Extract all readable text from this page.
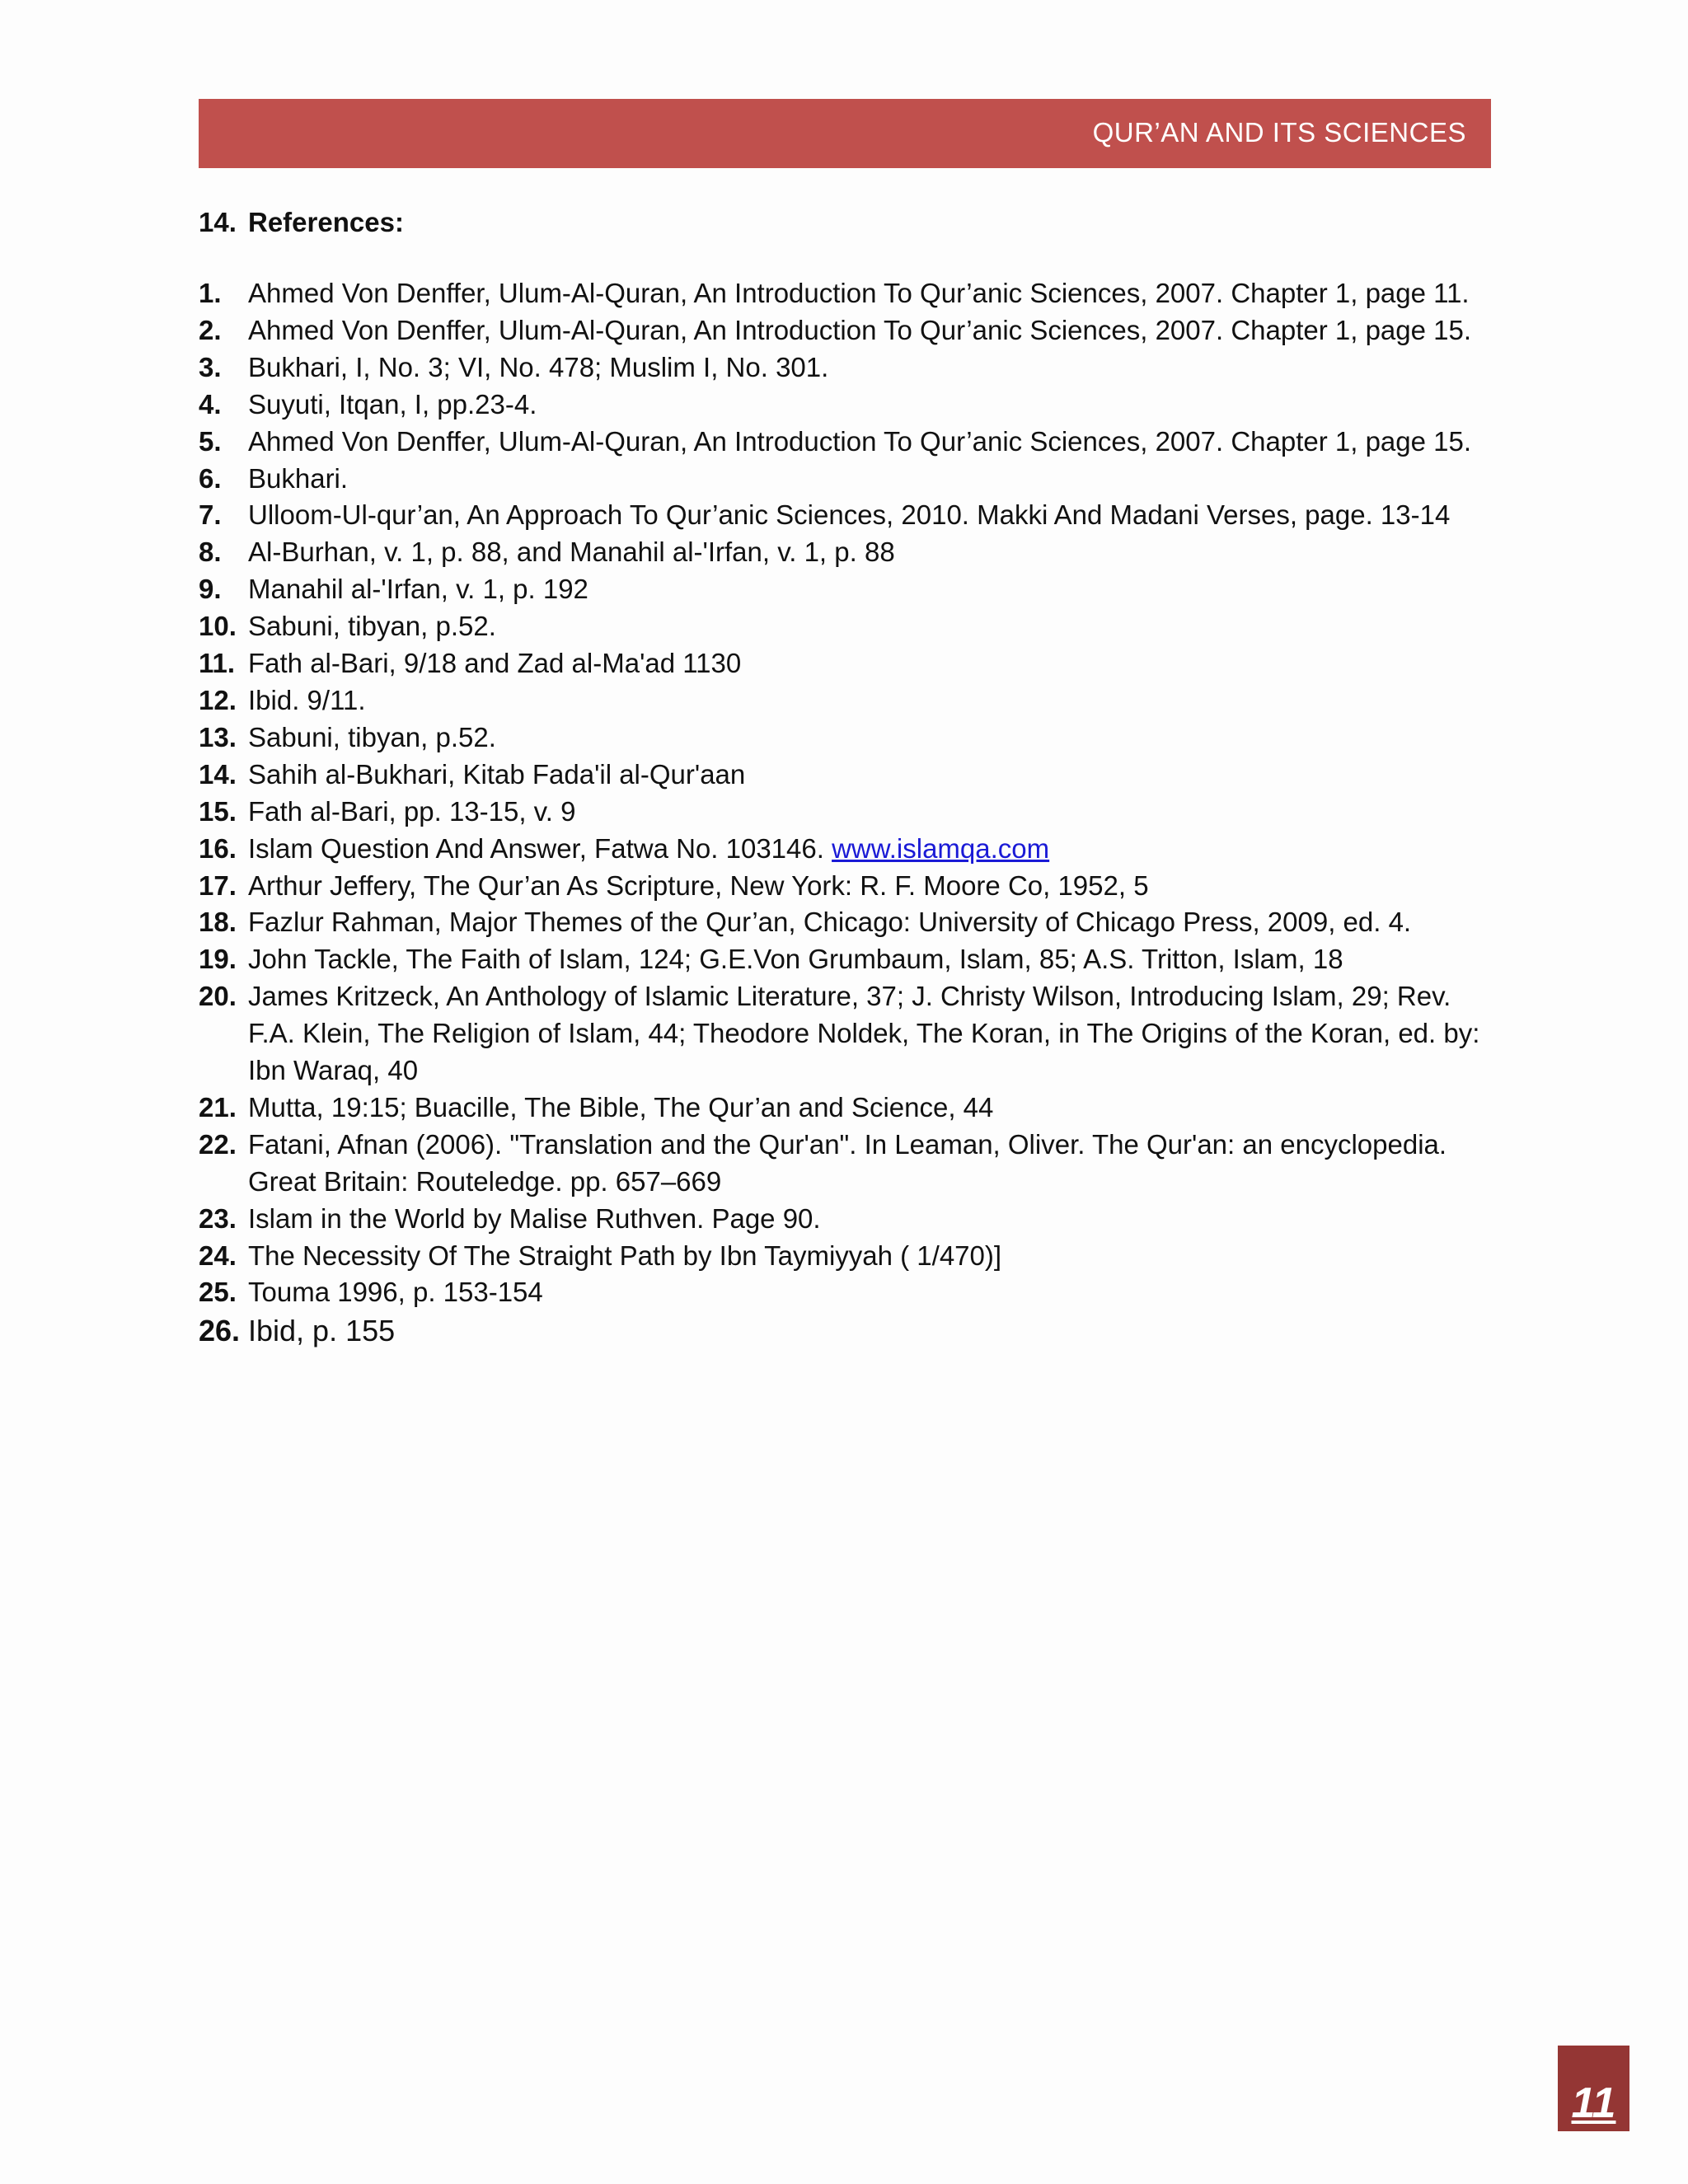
QUR’AN AND ITS SCIENCES
14. References:
1. Ahmed Von Denffer, Ulum-Al-Quran, An Introduction To Qur’anic Sciences, 2007. Chapter 1, page 11.
2. Ahmed Von Denffer, Ulum-Al-Quran, An Introduction To Qur’anic Sciences, 2007. Chapter 1, page 15.
3. Bukhari, I, No. 3; VI, No. 478; Muslim I, No. 301.
4. Suyuti, Itqan, I, pp.23-4.
5. Ahmed Von Denffer, Ulum-Al-Quran, An Introduction To Qur’anic Sciences, 2007. Chapter 1, page 15.
6. Bukhari.
7. Ulloom-Ul-qur’an, An Approach To Qur’anic Sciences, 2010. Makki And Madani Verses, page. 13-14
8. Al-Burhan, v. 1, p. 88, and Manahil al-'Irfan, v. 1, p. 88
9. Manahil al-'Irfan, v. 1, p. 192
10. Sabuni, tibyan, p.52.
11. Fath al-Bari, 9/18 and Zad al-Ma'ad 1130
12. Ibid. 9/11.
13. Sabuni, tibyan, p.52.
14. Sahih al-Bukhari, Kitab Fada'il al-Qur'aan
15. Fath al-Bari, pp. 13-15, v. 9
16. Islam Question And Answer, Fatwa No. 103146. www.islamqa.com
17. Arthur Jeffery, The Qur’an As Scripture, New York: R. F. Moore Co, 1952, 5
18. Fazlur Rahman, Major Themes of the Qur’an, Chicago: University of Chicago Press, 2009, ed. 4.
19. John Tackle, The Faith of Islam, 124; G.E.Von Grumbaum, Islam, 85; A.S. Tritton, Islam, 18
20. James Kritzeck, An Anthology of Islamic Literature, 37; J. Christy Wilson, Introducing Islam, 29; Rev. F.A. Klein, The Religion of Islam, 44; Theodore Noldek, The Koran, in The Origins of the Koran, ed. by: Ibn Waraq, 40
21. Mutta, 19:15; Buacille, The Bible, The Qur’an and Science, 44
22. Fatani, Afnan (2006). "Translation and the Qur'an". In Leaman, Oliver. The Qur'an: an encyclopedia. Great Britain: Routeledge. pp. 657–669
23. Islam in the World by Malise Ruthven. Page 90.
24. The Necessity Of The Straight Path by Ibn Taymiyyah ( 1/470)]
25. Touma 1996, p. 153-154
26. Ibid, p. 155
11
